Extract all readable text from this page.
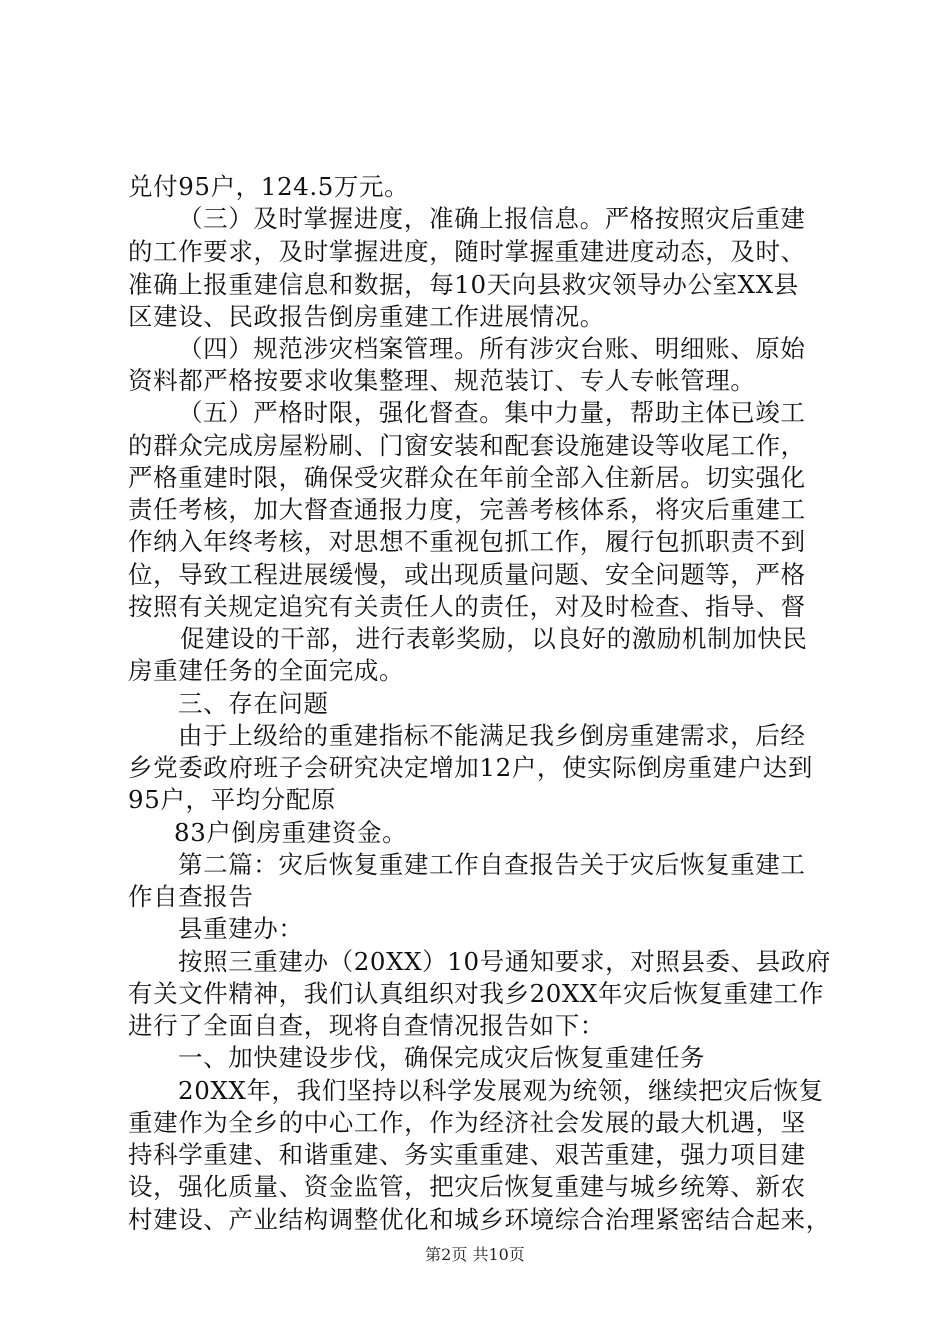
兑付95户，124.5万元。
（三）及时掌握进度，准确上报信息。严格按照灾后重建
的工作要求，及时掌握进度，随时掌握重建进度动态，及时、
准确上报重建信息和数据，每10天向县救灾领导办公室XX县
区建设、民政报告倒房重建工作进展情况。
（四）规范涉灾档案管理。所有涉灾台账、明细账、原始
资料都严格按要求收集整理、规范装订、专人专帐管理。
（五）严格时限，强化督查。集中力量，帮助主体已竣工
的群众完成房屋粉刷、门窗安装和配套设施建设等收尾工作，
严格重建时限，确保受灾群众在年前全部入住新居。切实强化
责任考核，加大督查通报力度，完善考核体系，将灾后重建工
作纳入年终考核，对思想不重视包抓工作，履行包抓职责不到
位，导致工程进展缓慢，或出现质量问题、安全问题等，严格
按照有关规定追究有关责任人的责任，对及时检查、指导、督
促建设的干部，进行表彰奖励，以良好的激励机制加快民
房重建任务的全面完成。
三、存在问题
由于上级给的重建指标不能满足我乡倒房重建需求，后经
乡党委政府班子会研究决定增加12户，使实际倒房重建户达到
95户，平均分配原
83户倒房重建资金。
第二篇：灾后恢复重建工作自查报告关于灾后恢复重建工
作自查报告
县重建办：
按照三重建办（20XX）10号通知要求，对照县委、县政府
有关文件精神，我们认真组织对我乡20XX年灾后恢复重建工作
进行了全面自查，现将自查情况报告如下：
一、加快建设步伐，确保完成灾后恢复重建任务
20XX年，我们坚持以科学发展观为统领，继续把灾后恢复
重建作为全乡的中心工作，作为经济社会发展的最大机遇，坚
持科学重建、和谐重建、务实重重建、艰苦重建，强力项目建
设，强化质量、资金监管，把灾后恢复重建与城乡统筹、新农
村建设、产业结构调整优化和城乡环境综合治理紧密结合起来，
第2页 共10页
